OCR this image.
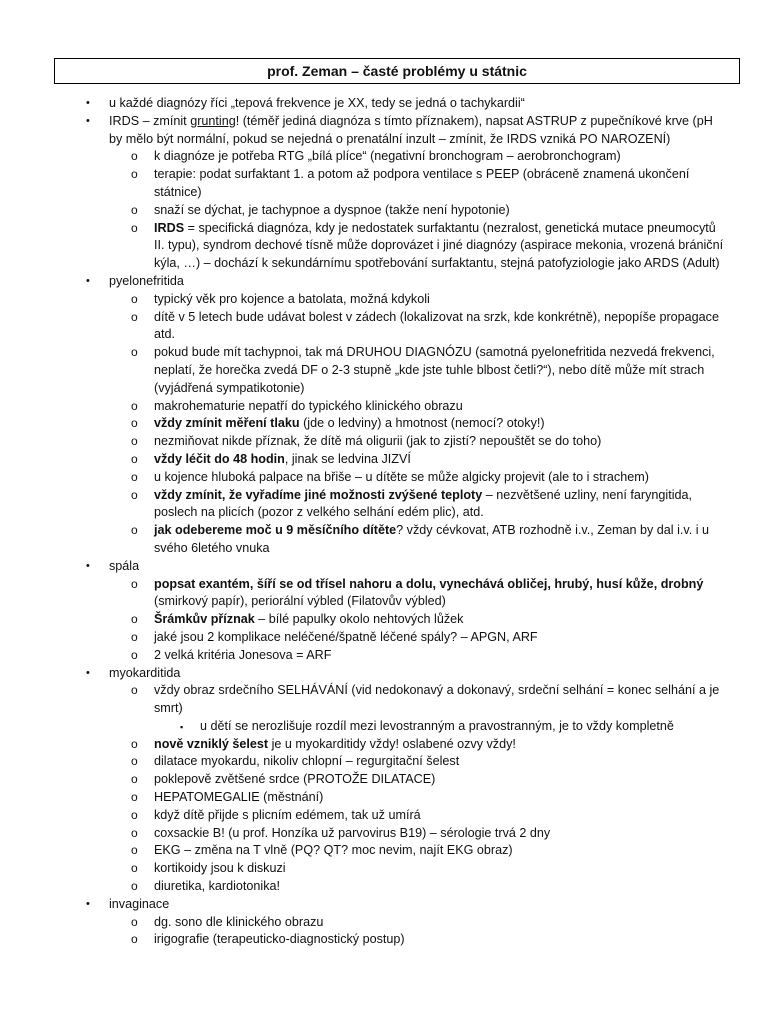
prof. Zeman – časté problémy u státnic
• u každé diagnózy říci „tepová frekvence je XX, tedy se jedná o tachykardii“
• IRDS – zmínit grunting! (téměř jediná diagnóza s tímto příznakem), napsat ASTRUP z pupečníkové krve (pH by mělo být normální, pokud se nejedná o prenatální inzult – zmínit, že IRDS vzniká PO NAROZENÍ)
o k diagnóze je potřeba RTG „bílá plíce“ (negativní bronchogram – aerobronchogram)
o terapie: podat surfaktant 1. a potom až podpora ventilace s PEEP (obráceně znamená ukončení státnice)
o snaží se dýchat, je tachypnoe a dyspnoe (takže není hypotonie)
o IRDS = specifická diagnóza, kdy je nedostatek surfaktantu (nezralost, genetická mutace pneumocytů II. typu), syndrom dechové tísně může doprovázet i jiné diagnózy (aspirace mekonia, vrozená brániční kýla, …) – dochází k sekundárnímu spotřebování surfaktantu, stejná patofyziologie jako ARDS (Adult)
• pyelonefritida
o typický věk pro kojence a batolata, možná kdykoli
o dítě v 5 letech bude udávat bolest v zádech (lokalizovat na srzk, kde konkrétně), nepopíše propagace atd.
o pokud bude mít tachypnoi, tak má DRUHOU DIAGNÓZU (samotná pyelonefritida nezvedá frekvenci, neplatí, že horečka zvedá DF o 2-3 stupně „kde jste tuhle blbost četli?“), nebo dítě může mít strach (vyjádřená sympatikotonie)
o makrohematurie nepatří do typického klinického obrazu
o vždy zmínit měření tlaku (jde o ledviny) a hmotnost (nemocí? otoky!)
o nezmiňovat nikde příznak, že dítě má oligurii (jak to zjistí? nepouštět se do toho)
o vždy léčit do 48 hodin, jinak se ledvina JIZVÍ
o u kojence hluboká palpace na břiše – u dítěte se může algicky projevit (ale to i strachem)
o vždy zmínit, že vyřadíme jiné možnosti zvýšené teploty – nezvětšené uzliny, není faryngitida, poslech na plicích (pozor z velkého selhání edém plic), atd.
o jak odebereme moč u 9 měsíčního dítěte? vždy cévkovat, ATB rozhodně i.v., Zeman by dal i.v. i u svého 6letého vnuka
• spála
o popsat exantém, šíří se od třísel nahoru a dolu, vynechává obličej, hrubý, husí kůže, drobný (smirkový papír), periorální výbled (Filatovův výbled)
o Šrámkův příznak – bílé papulky okolo nehtových lůžek
o jaké jsou 2 komplikace neléčené/špatně léčené spály? – APGN, ARF
o 2 velká kritéria Jonesova = ARF
• myokarditida
o vždy obraz srdečního SELHÁVÁNÍ (vid nedokonavý a dokonavý, srdeční selhání = konec selhání a je smrt)
▪ u dětí se nerozlišuje rozdíl mezi levostranným a pravostranným, je to vždy kompletně
o nově vzniklý šelest je u myokarditidy vždy! oslabené ozvy vždy!
o dilatace myokardu, nikoliv chlopní – regurgitační šelest
o poklepově zvětšené srdce (PROTOŽE DILATACE)
o HEPATOMEGALIE (městnání)
o když dítě přijde s plicním edémem, tak už umírá
o coxsackie B! (u prof. Honzíka už parvovirus B19) – sérologie trvá 2 dny
o EKG – změna na T vlně (PQ? QT? moc nevim, najít EKG obraz)
o kortikoidy jsou k diskuzi
o diuretika, kardiotonika!
• invaginace
o dg. sono dle klinického obrazu
o irigografie (terapeuticko-diagnostický postup)
